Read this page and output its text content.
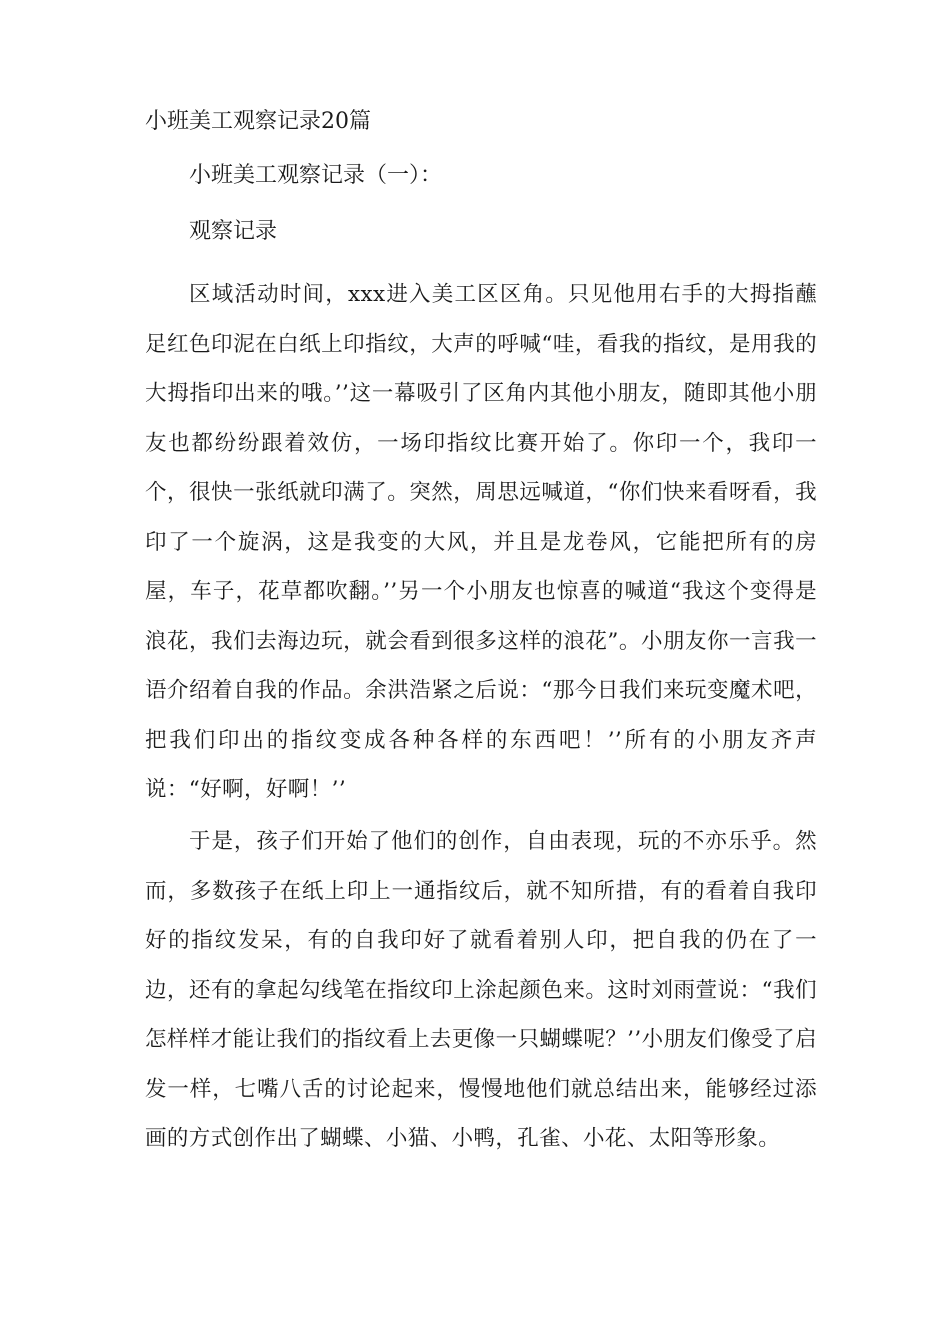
小班美工观察记录20篇
小班美工观察记录（一）：

观察记录

区域活动时间，xxx进入美工区区角。只见他用右手的大拇指蘸足红色印泥在白纸上印指纹，大声的呼喊“哇，看我的指纹，是用我的大拇指印出来的哦。’’这一幕吸引了区角内其他小朋友，随即其他小朋友也都纷纷跟着效仿，一场印指纹比赛开始了。你印一个，我印一个，很快一张纸就印满了。突然，周思远喊道，“你们快来看呀看，我印了一个旋涡，这是我变的大风，并且是龙卷风，它能把所有的房屋，车子，花草都吹翻。’’另一个小朋友也惊喜的喊道“我这个变得是浪花，我们去海边玩，就会看到很多这样的浪花”。小朋友你一言我一语介绍着自我的作品。余洪浩紧之后说：“那今日我们来玩变魔术吧，把我们印出的指纹变成各种各样的东西吧！’’所有的小朋友齐声说：“好啊，好啊！’’

于是，孩子们开始了他们的创作，自由表现，玩的不亦乐乎。然而，多数孩子在纸上印上一通指纹后，就不知所措，有的看着自我印好的指纹发呆，有的自我印好了就看着别人印，把自我的仍在了一边，还有的拿起勾线笔在指纹印上涂起颜色来。这时刘雨萱说：“我们怎样样才能让我们的指纹看上去更像一只蝴蝶呢？’’小朋友们像受了启发一样，七嘴八舌的讨论起来，慢慢地他们就总结出来，能够经过添画的方式创作出了蝴蝶、小猫、小鸭，孔雀、小花、太阳等形象。
